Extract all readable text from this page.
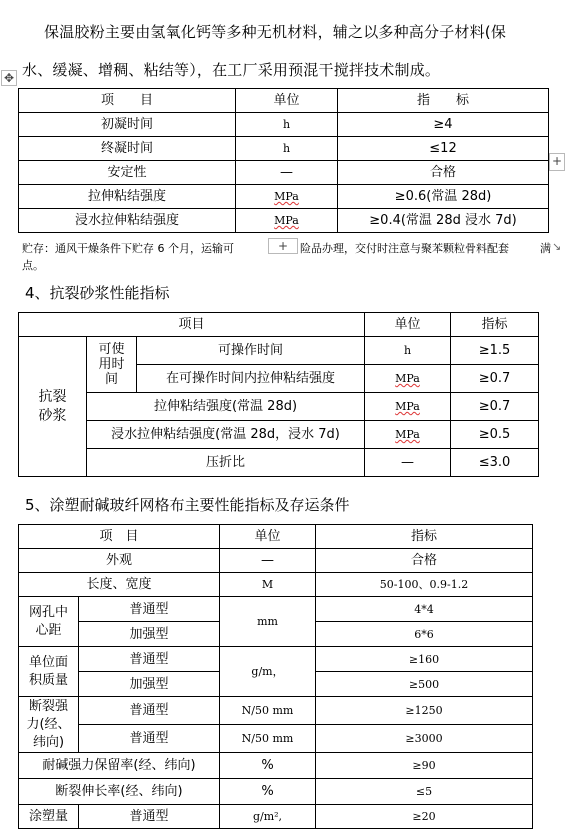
保温胶粉主要由氢氧化钙等多种无机材料，辅之以多种高分子材料(保
水、缓凝、增稠、粘结等），在工厂采用预混干搅拌技术制成。
✥
项　　目	单位	指　　标
初凝时间	h	≥4
终凝时间	h	≤12
安定性	—	合格
拉伸粘结强度	MPa	≥0.6(常温 28d)
浸水拉伸粘结强度	MPa	≥0.4(常温 28d 浸水 7d)
+
贮存：通风干燥条件下贮存 6 个月，运输可	+	险品办理，交付时注意与聚苯颗粒骨料配套	满 ↘
点。
4、抗裂砂浆性能指标
项目			单位	指标

抗裂砂浆	可使用时间	可操作时间	h	≥1.5
		在可操作时间内拉伸粘结强度	MPa	≥0.7
	拉伸粘结强度(常温 28d)		MPa	≥0.7
	浸水拉伸粘结强度(常温 28d，浸水 7d)		MPa	≥0.5
	压折比		—	≤3.0
5、涂塑耐碱玻纤网格布主要性能指标及存运条件
项　目		单位	指标
外观		—	合格
长度、宽度		M	50-100、0.9-1.2

网孔中心距	普通型	mm	4*4
	加强型		6*6

单位面积质量	普通型	g/m，	≥160
	加强型		≥500

断裂强力(经、纬向)	普通型	N/50 mm	≥1250
	普通型	N/50 mm	≥3000
耐碱强力保留率(经、纬向)		%	≥90
断裂伸长率(经、纬向)		%	≤5
涂塑量	普通型	g/m²,	≥20
